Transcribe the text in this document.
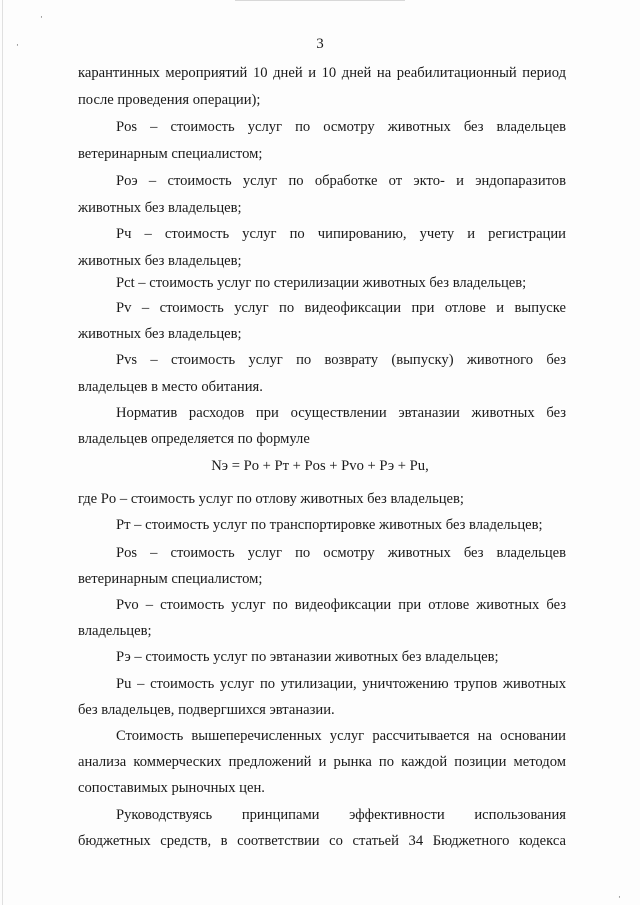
·
·
·
3
карантинных мероприятий 10 дней и 10 дней на реабилитационный период
после проведения операции);
Pos – стоимость услуг по осмотру животных без владельцев
ветеринарным специалистом;
Рoэ – стоимость услуг по обработке от экто- и эндопаразитов
животных без владельцев;
Рч – стоимость услуг по чипированию, учету и регистрации
животных без владельцев;
Рсt – стоимость услуг по стерилизации животных без владельцев;
Рv – стоимость услуг по видеофиксации при отлове и выпуске
животных без владельцев;
Рvs – стоимость услуг по возврату (выпуску) животного без
владельцев в место обитания.
Норматив расходов при осуществлении эвтаназии животных без
владельцев определяется по формуле
Nэ = Рo + Рт + Pos + Рvo + Рэ + Рu,
где Рo – стоимость услуг по отлову животных без владельцев;
Рт – стоимость услуг по транспортировке животных без владельцев;
Pos – стоимость услуг по осмотру животных без владельцев
ветеринарным специалистом;
Рvo – стоимость услуг по видеофиксации при отлове животных без
владельцев;
Рэ – стоимость услуг по эвтаназии животных без владельцев;
Рu – стоимость услуг по утилизации, уничтожению трупов животных
без владельцев, подвергшихся эвтаназии.
Стоимость вышеперечисленных услуг рассчитывается на основании
анализа коммерческих предложений и рынка по каждой позиции методом
сопоставимых рыночных цен.
Руководствуясь принципами эффективности использования
бюджетных средств, в соответствии со статьей 34 Бюджетного кодекса
